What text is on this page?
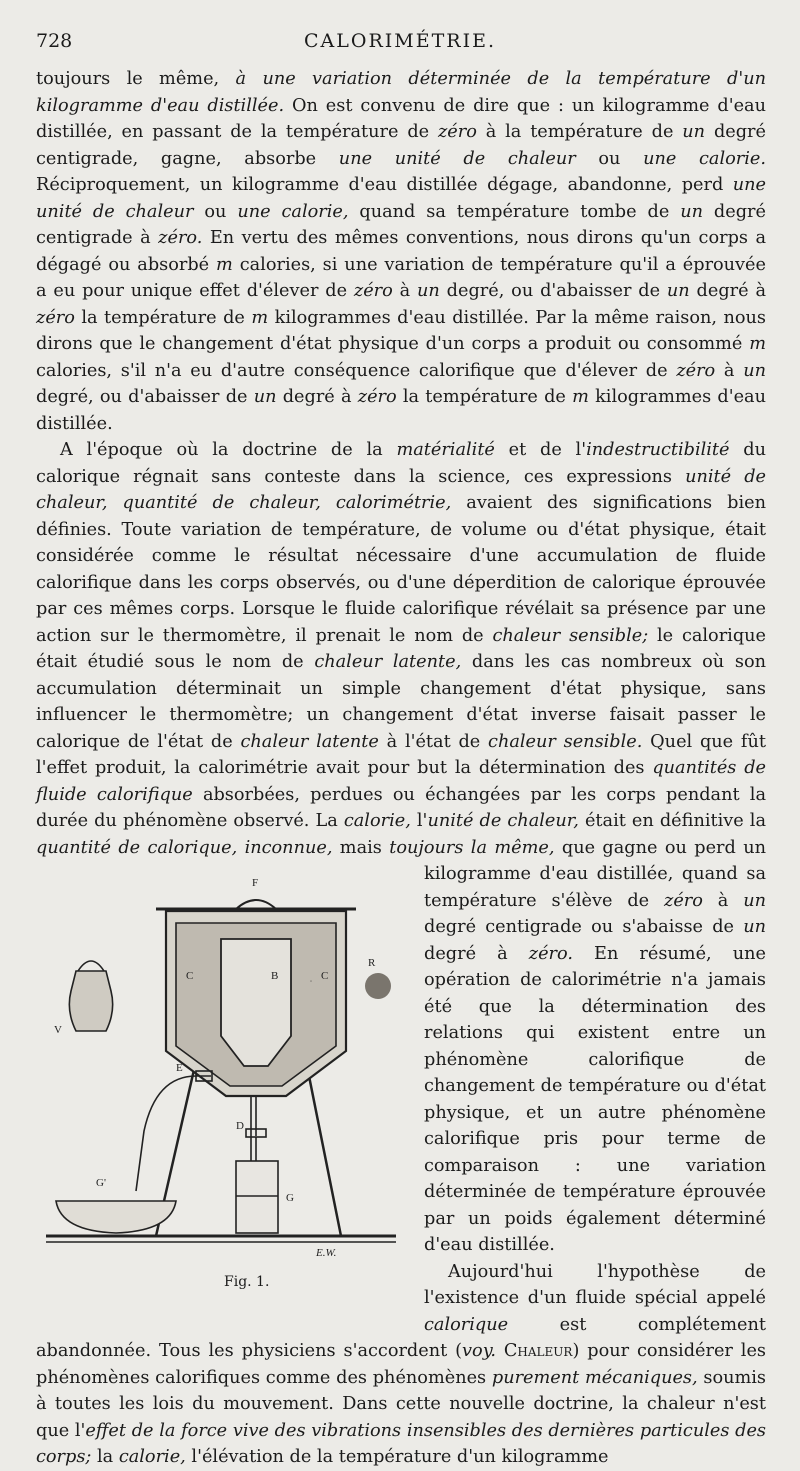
728	CALORIMÉTRIE.

toujours le même, à une variation déterminée de la température d'un kilogramme d'eau distillée. On est convenu de dire que : un kilogramme d'eau distillée, en passant de la température de zéro à la température de un degré centigrade, gagne, absorbe une unité de chaleur ou une calorie. Réciproquement, un kilogramme d'eau distillée dégage, abandonne, perd une unité de chaleur ou une calorie, quand sa température tombe de un degré centigrade à zéro. En vertu des mêmes conventions, nous dirons qu'un corps a dégagé ou absorbé m calories, si une variation de température qu'il a éprouvée a eu pour unique effet d'élever de zéro à un degré, ou d'abaisser de un degré à zéro la température de m kilogrammes d'eau distillée. Par la même raison, nous dirons que le changement d'état physique d'un corps a produit ou consommé m calories, s'il n'a eu d'autre conséquence calorifique que d'élever de zéro à un degré, ou d'abaisser de un degré à zéro la température de m kilogrammes d'eau distillée.

A l'époque où la doctrine de la matérialité et de l'indestructibilité du calorique régnait sans conteste dans la science, ces expressions unité de chaleur, quantité de chaleur, calorimétrie, avaient des significations bien définies. Toute variation de température, de volume ou d'état physique, était considérée comme le résultat nécessaire d'une accumulation de fluide calorifique dans les corps observés, ou d'une déperdition de calorique éprouvée par ces mêmes corps. Lorsque le fluide calorifique révélait sa présence par une action sur le thermomètre, il prenait le nom de chaleur sensible; le calorique était étudié sous le nom de chaleur latente, dans les cas nombreux où son accumulation déterminait un simple changement d'état physique, sans influencer le thermomètre; un changement d'état inverse faisait passer le calorique de l'état de chaleur latente à l'état de chaleur sensible. Quel que fût l'effet produit, la calorimétrie avait pour but la détermination des quantités de fluide calorifique absorbées, perdues ou échangées par les corps pendant la durée du phénomène observé. La calorie, l'unité de chaleur, était en définitive la quantité de calorique, inconnue, mais toujours la même,
F
C	B	C
R
V
E
D
G'
G
E.W.
Fig. 1.
que gagne ou perd un kilogramme d'eau distillée, quand sa température s'élève de zéro à un degré centigrade ou s'abaisse de un degré à zéro. En résumé, une opération de calorimétrie n'a jamais été que la détermination des relations qui existent entre un phénomène calorifique de changement de température ou d'état physique, et un autre phénomène calorifique pris pour terme de comparaison : une variation déterminée de température éprouvée par un poids également déterminé d'eau distillée.

Aujourd'hui l'hypothèse de l'existence d'un fluide spécial appelé calorique est complétement abandonnée. Tous les physiciens s'accordent (voy. Chaleur) pour considérer les phénomènes calorifiques comme des phénomènes purement mécaniques, soumis à toutes les lois du mouvement. Dans cette nouvelle doctrine, la chaleur n'est que l'effet de la force vive des vibrations insensibles des dernières particules des corps; la calorie, l'élévation de la température d'un kilogramme
